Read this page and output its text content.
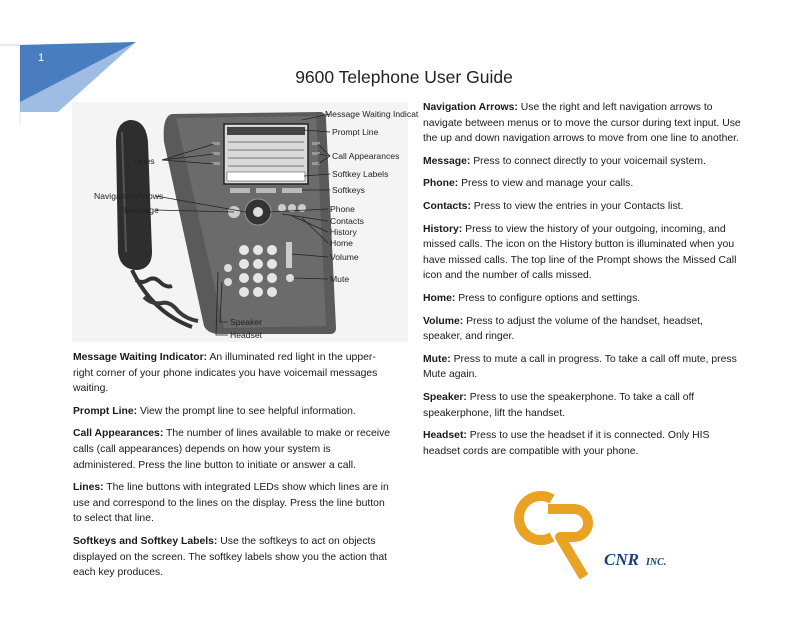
1
9600 Telephone User Guide
Message Waiting Indicat
Prompt Line
Lines	Call Appearances
Softkey Labels
Softkeys
Navigation Arrows
Message	Phone
Contacts
History
Home
Volume
Mute
Speaker
Headset

Message Waiting Indicator: An illuminated red light in the upper-right corner of your phone indicates you have voicemail messages waiting.

Prompt Line: View the prompt line to see helpful information.

Call Appearances: The number of lines available to make or receive calls (call appearances) depends on how your system is administered. Press the line button to initiate or answer a call.

Lines: The line buttons with integrated LEDs show which lines are in use and correspond to the lines on the display. Press the line button to select that line.

Softkeys and Softkey Labels: Use the softkeys to act on objects displayed on the screen. The softkey labels show you the action that each key produces.

Navigation Arrows: Use the right and left navigation arrows to navigate between menus or to move the cursor during text input. Use the up and down navigation arrows to move from one line to another.

Message: Press to connect directly to your voicemail system.

Phone: Press to view and manage your calls.

Contacts: Press to view the entries in your Contacts list.

History: Press to view the history of your outgoing, incoming, and missed calls. The icon on the History button is illuminated when you have missed calls. The top line of the Prompt shows the Missed Call icon and the number of calls missed.

Home: Press to configure options and settings.

Volume: Press to adjust the volume of the handset, headset, speaker, and ringer.

Mute: Press to mute a call in progress. To take a call off mute, press Mute again.

Speaker: Press to use the speakerphone. To take a call off speakerphone, lift the handset.

Headset: Press to use the headset if it is connected. Only HIS headset cords are compatible with your phone.

CNR INC.
